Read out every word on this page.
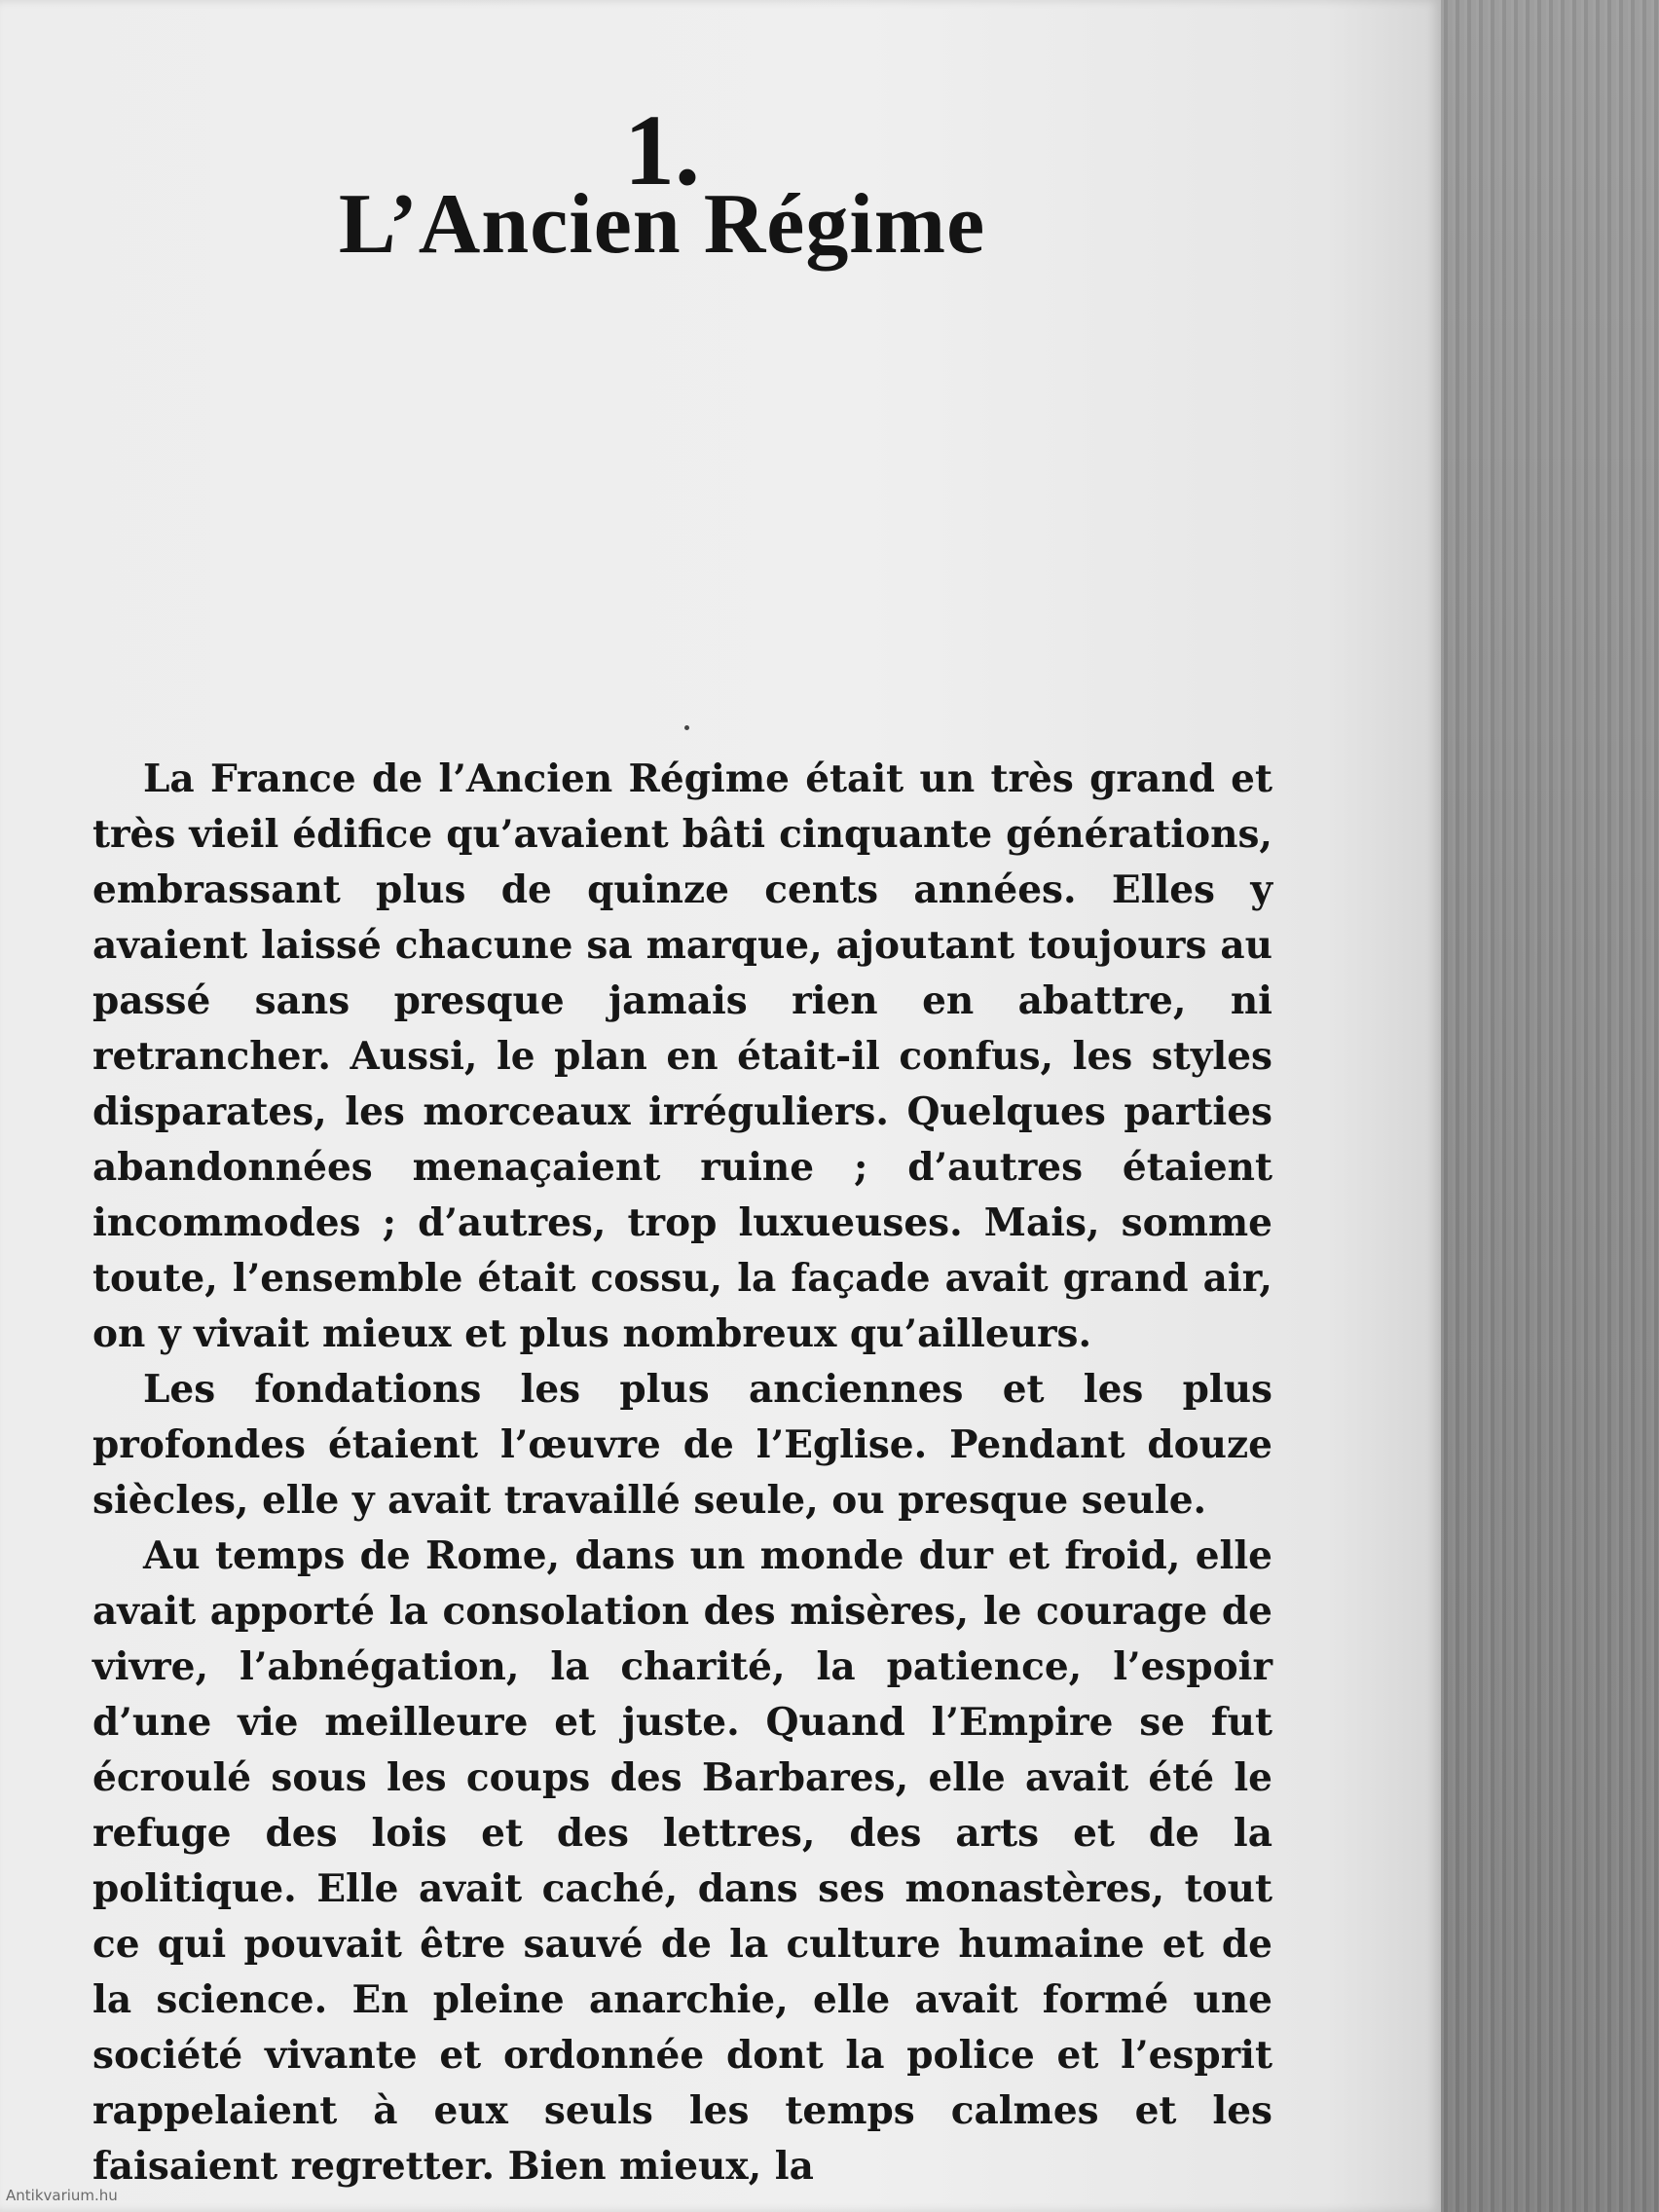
1.
L’Ancien Régime

La France de l’Ancien Régime était un très grand et très vieil édifice qu’avaient bâti cinquante générations, embrassant plus de quinze cents années. Elles y avaient laissé chacune sa marque, ajoutant toujours au passé sans presque jamais rien en abattre, ni retrancher. Aussi, le plan en était-il confus, les styles disparates, les morceaux irréguliers. Quelques parties abandonnées menaçaient ruine ; d’autres étaient incommodes ; d’autres, trop luxueuses. Mais, somme toute, l’ensemble était cossu, la façade avait grand air, on y vivait mieux et plus nombreux qu’ailleurs.

Les fondations les plus anciennes et les plus profondes étaient l’œuvre de l’Eglise. Pendant douze siècles, elle y avait travaillé seule, ou presque seule.

Au temps de Rome, dans un monde dur et froid, elle avait apporté la consolation des misères, le courage de vivre, l’abnégation, la charité, la patience, l’espoir d’une vie meilleure et juste. Quand l’Empire se fut écroulé sous les coups des Barbares, elle avait été le refuge des lois et des lettres, des arts et de la politique. Elle avait caché, dans ses monastères, tout ce qui pouvait être sauvé de la culture humaine et de la science. En pleine anarchie, elle avait formé une société vivante et ordonnée dont la police et l’esprit rappelaient à eux seuls les temps calmes et les faisaient regretter. Bien mieux, la

Antikvarium.hu
